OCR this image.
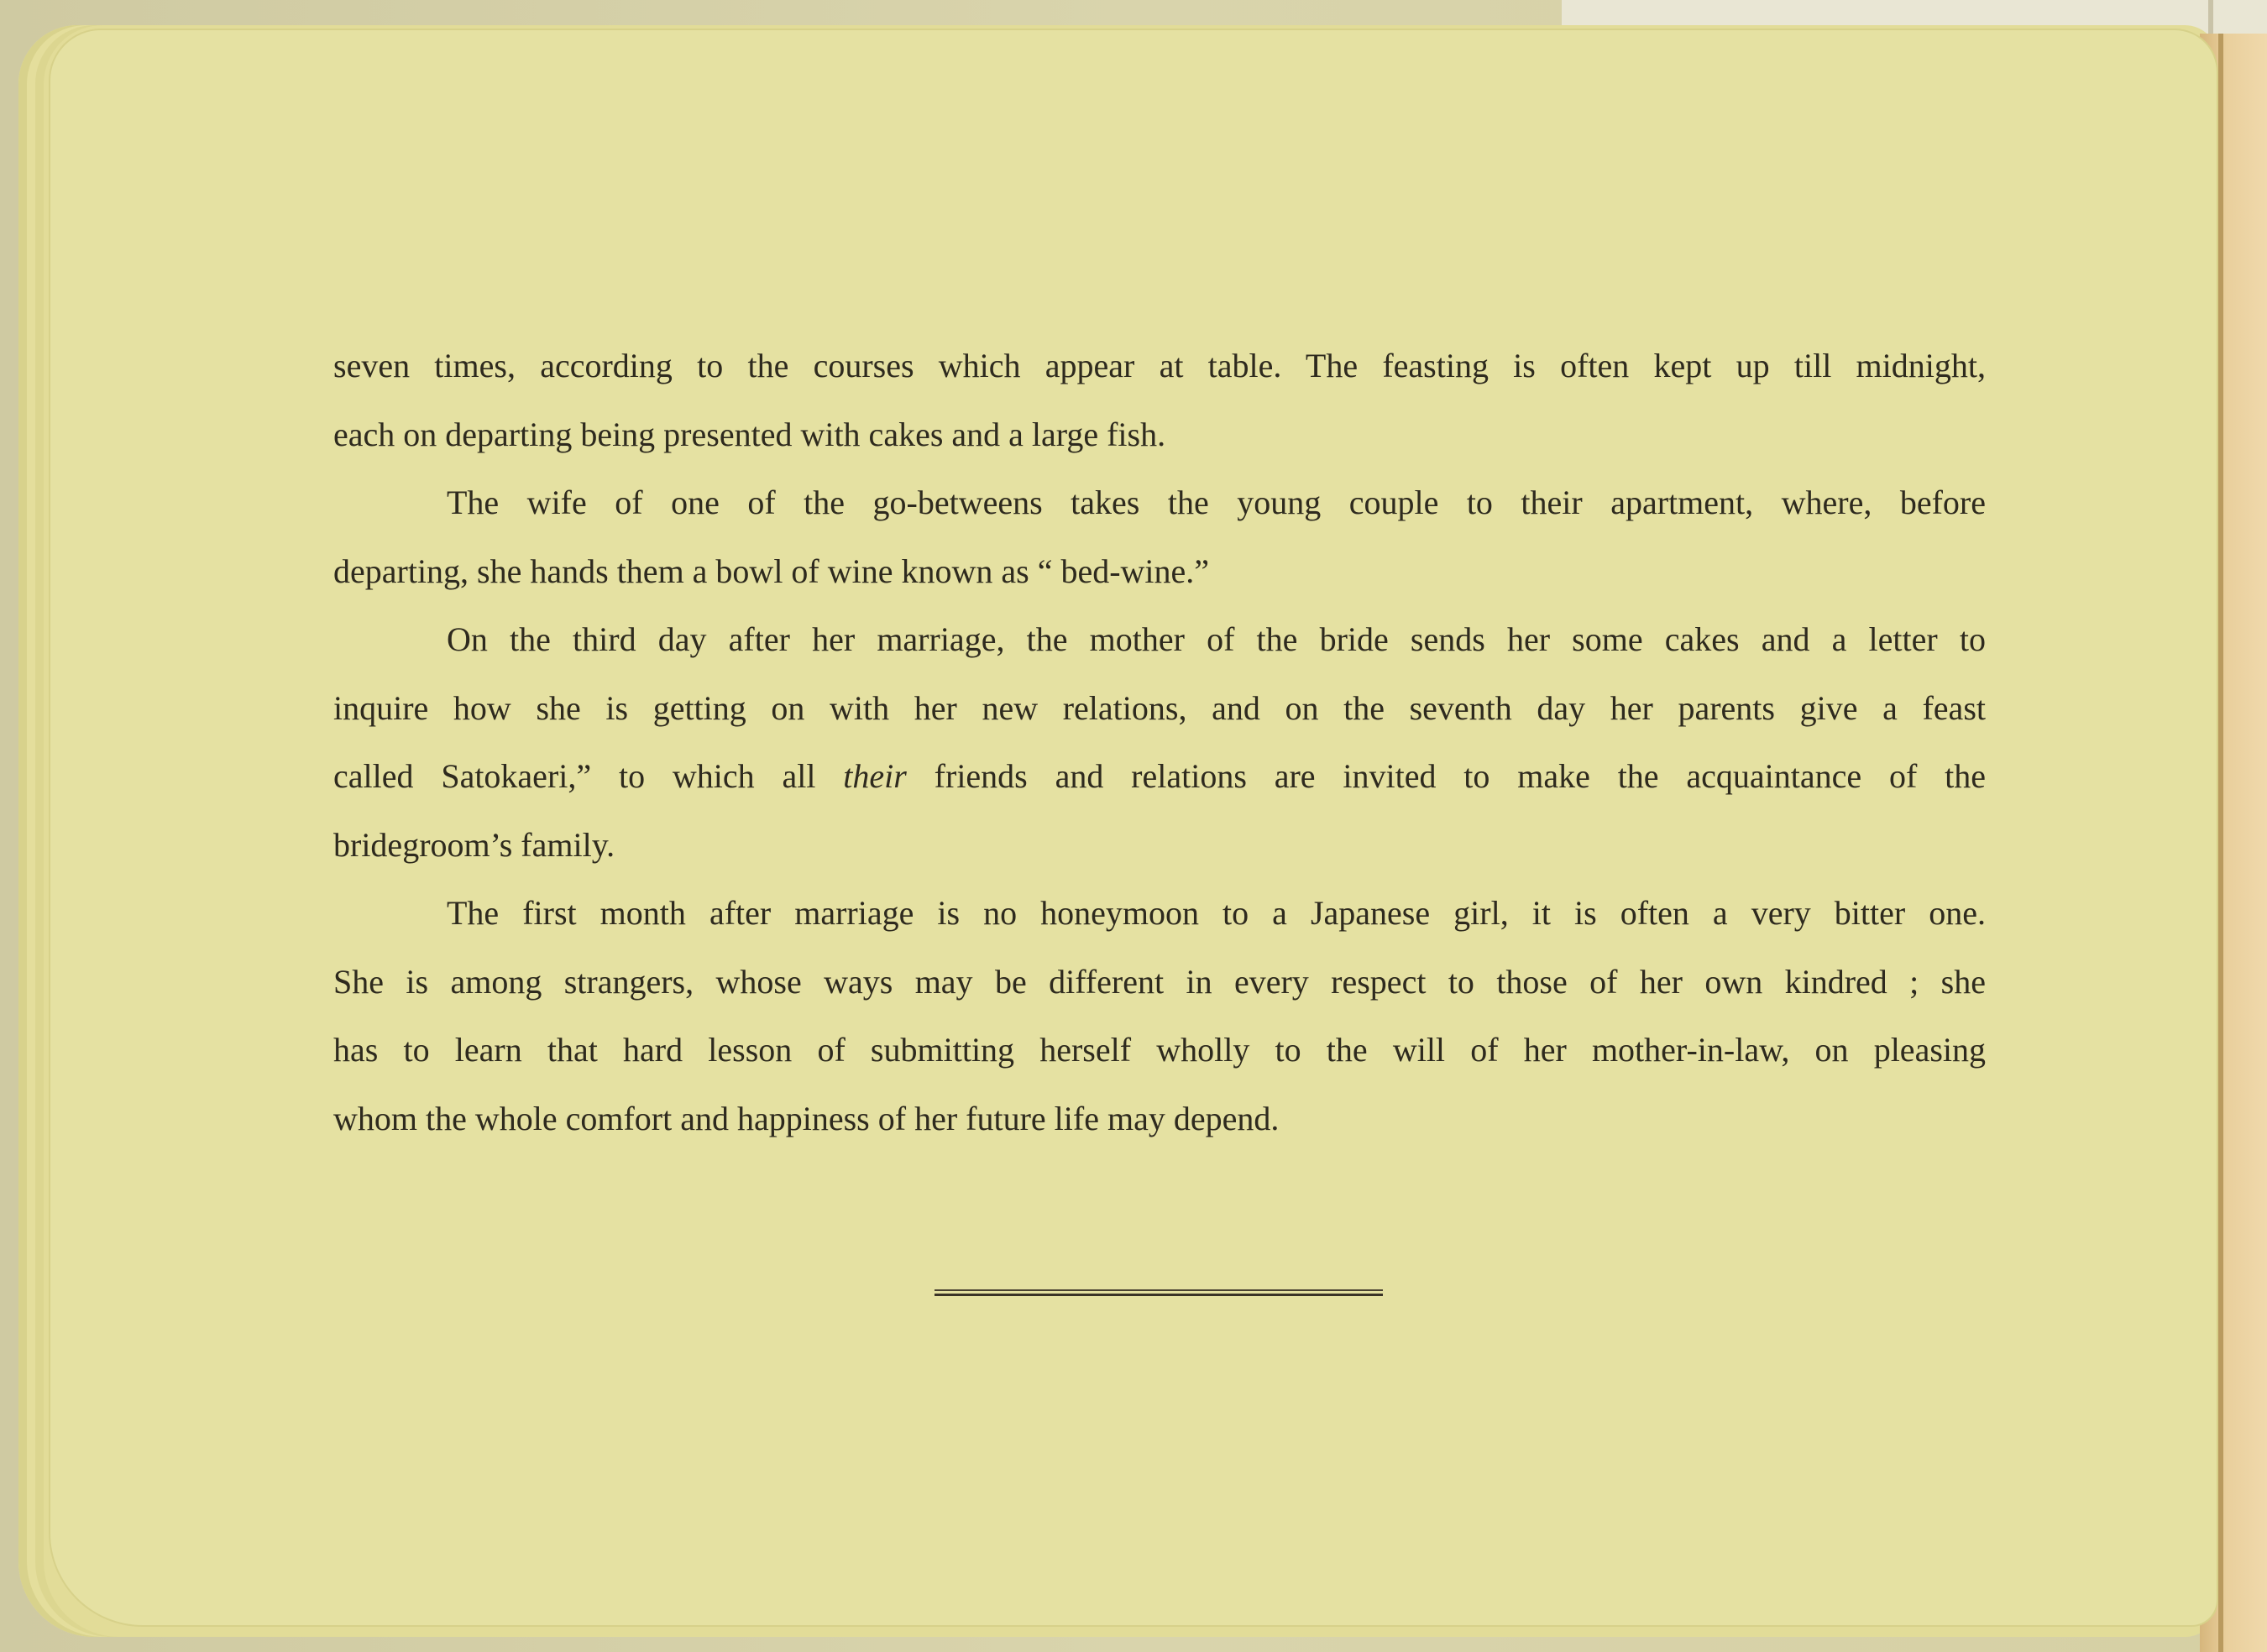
seven times, according to the courses which appear at table. The feasting is often kept up till midnight,
each on departing being presented with cakes and a large fish.
The wife of one of the go-betweens takes the young couple to their apartment, where, before
departing, she hands them a bowl of wine known as “ bed-wine.”
On the third day after her marriage, the mother of the bride sends her some cakes and a letter to
inquire how she is getting on with her new relations, and on the seventh day her parents give a feast
called Satokaeri,” to which all their friends and relations are invited to make the acquaintance of the
bridegroom’s family.
The first month after marriage is no honeymoon to a Japanese girl, it is often a very bitter one.
She is among strangers, whose ways may be different in every respect to those of her own kindred ; she
has to learn that hard lesson of submitting herself wholly to the will of her mother-in-law, on pleasing
whom the whole comfort and happiness of her future life may depend.
